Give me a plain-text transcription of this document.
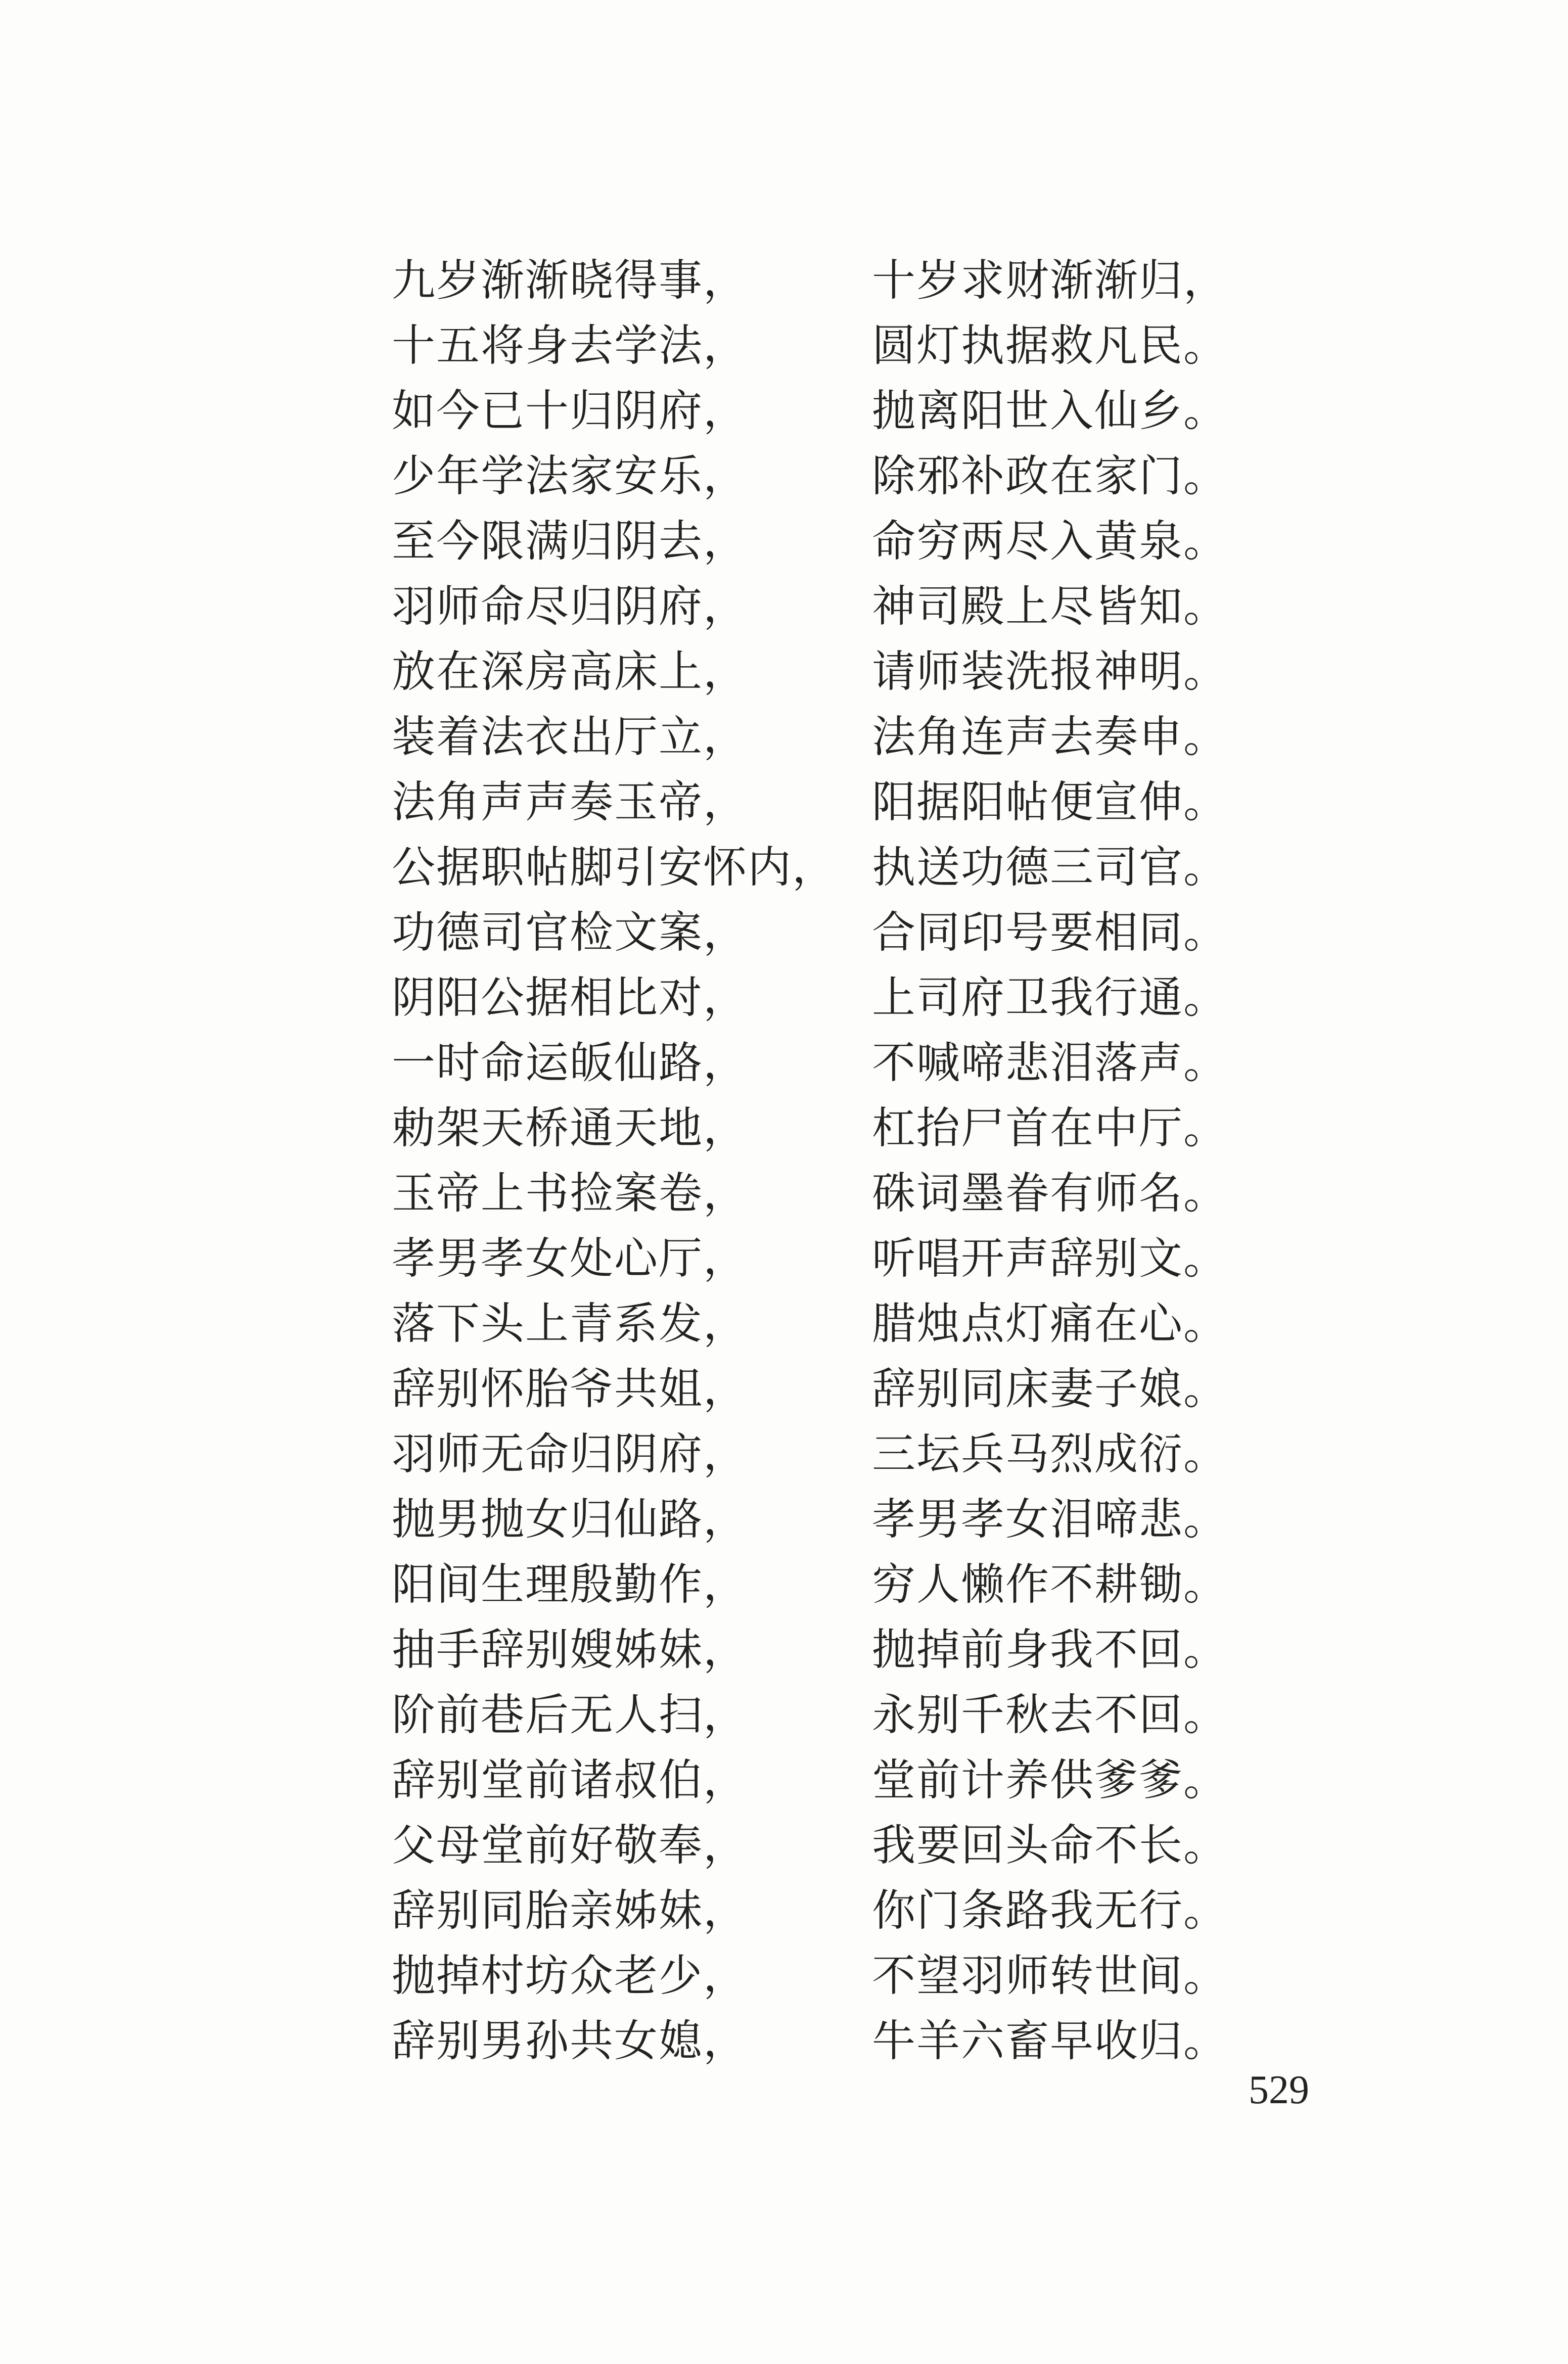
九岁渐渐晓得事，	十岁求财渐渐归，
十五将身去学法，	圆灯执据救凡民。
如今已十归阴府，	抛离阳世入仙乡。
少年学法家安乐，	除邪补政在家门。
至今限满归阴去，	命穷两尽入黄泉。
羽师命尽归阴府，	神司殿上尽皆知。
放在深房高床上，	请师装洗报神明。
装着法衣出厅立，	法角连声去奏申。
法角声声奏玉帝，	阳据阳帖便宣伸。
公据职帖脚引安怀内， 执送功德三司官。
功德司官检文案，	合同印号要相同。
阴阳公据相比对，	上司府卫我行通。
一时命运皈仙路，	不喊啼悲泪落声。
勅架天桥通天地，	杠抬尸首在中厅。
玉帝上书捡案卷，	硃词墨眷有师名。
孝男孝女处心厅，	听唱开声辞别文。
落下头上青系发，	腊烛点灯痛在心。
辞别怀胎爷共姐，	辞别同床妻子娘。
羽师无命归阴府，	三坛兵马烈成衍。
抛男抛女归仙路，	孝男孝女泪啼悲。
阳间生理殷勤作，	穷人懒作不耕锄。
抽手辞别嫂姊妹，	抛掉前身我不回。
阶前巷后无人扫，	永别千秋去不回。
辞别堂前诸叔伯，	堂前计养供爹爹。
父母堂前好敬奉，	我要回头命不长。
辞别同胎亲姊妹，	你门条路我无行。
抛掉村坊众老少，	不望羽师转世间。
辞别男孙共女媳，	牛羊六畜早收归。
529
